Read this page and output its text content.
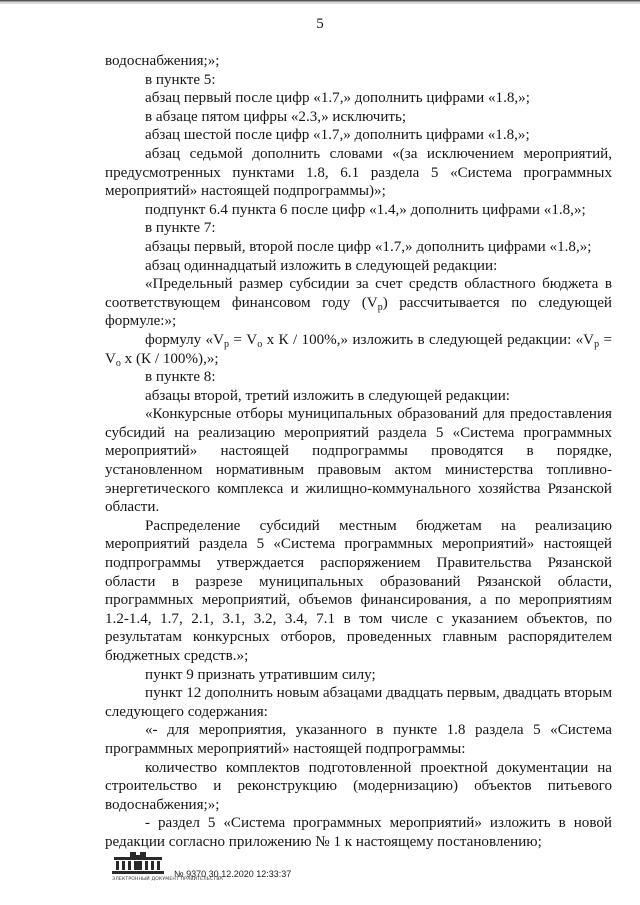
5

водоснабжения;»;

в пункте 5:

абзац первый после цифр «1.7,» дополнить цифрами «1.8,»;

в абзаце пятом цифры «2.3,» исключить;

абзац шестой после цифр «1.7,» дополнить цифрами «1.8,»;

абзац седьмой дополнить словами «(за исключением мероприятий, предусмотренных пунктами 1.8, 6.1 раздела 5 «Система программных мероприятий» настоящей подпрограммы)»;

подпункт 6.4 пункта 6 после цифр «1.4,» дополнить цифрами «1.8,»;

в пункте 7:

абзацы первый, второй после цифр «1.7,» дополнить цифрами «1.8,»;

абзац одиннадцатый изложить в следующей редакции:

«Предельный размер субсидии за счет средств областного бюджета в соответствующем финансовом году $(V_р)$ рассчитывается по следующей формуле:»;

формулу «$V_р = V_о$ х К / 100%,» изложить в следующей редакции: «$V_р = V_о$ х (К / 100%),»;

в пункте 8:

абзацы второй, третий изложить в следующей редакции:

«Конкурсные отборы муниципальных образований для предоставления субсидий на реализацию мероприятий раздела 5 «Система программных мероприятий» настоящей подпрограммы проводятся в порядке, установленном нормативным правовым актом министерства топливно-энергетического комплекса и жилищно-коммунального хозяйства Рязанской области.

Распределение субсидий местным бюджетам на реализацию мероприятий раздела 5 «Система программных мероприятий» настоящей подпрограммы утверждается распоряжением Правительства Рязанской области в разрезе муниципальных образований Рязанской области, программных мероприятий, объемов финансирования, а по мероприятиям 1.2-1.4, 1.7, 2.1, 3.1, 3.2, 3.4, 7.1 в том числе с указанием объектов, по результатам конкурсных отборов, проведенных главным распорядителем бюджетных средств.»;

пункт 9 признать утратившим силу;

пункт 12 дополнить новым абзацами двадцать первым, двадцать вторым следующего содержания:

«- для мероприятия, указанного в пункте 1.8 раздела 5 «Система программных мероприятий» настоящей подпрограммы:

количество комплектов подготовленной проектной документации на строительство и реконструкцию (модернизацию) объектов питьевого водоснабжения;»;

- раздел 5 «Система программных мероприятий» изложить в новой редакции согласно приложению № 1 к настоящему постановлению;

ЭЛЕКТРОННЫЙ ДОКУМЕНТ ПРАВИТЕЛЬСТВА
№ 9370 30.12.2020 12:33:37
